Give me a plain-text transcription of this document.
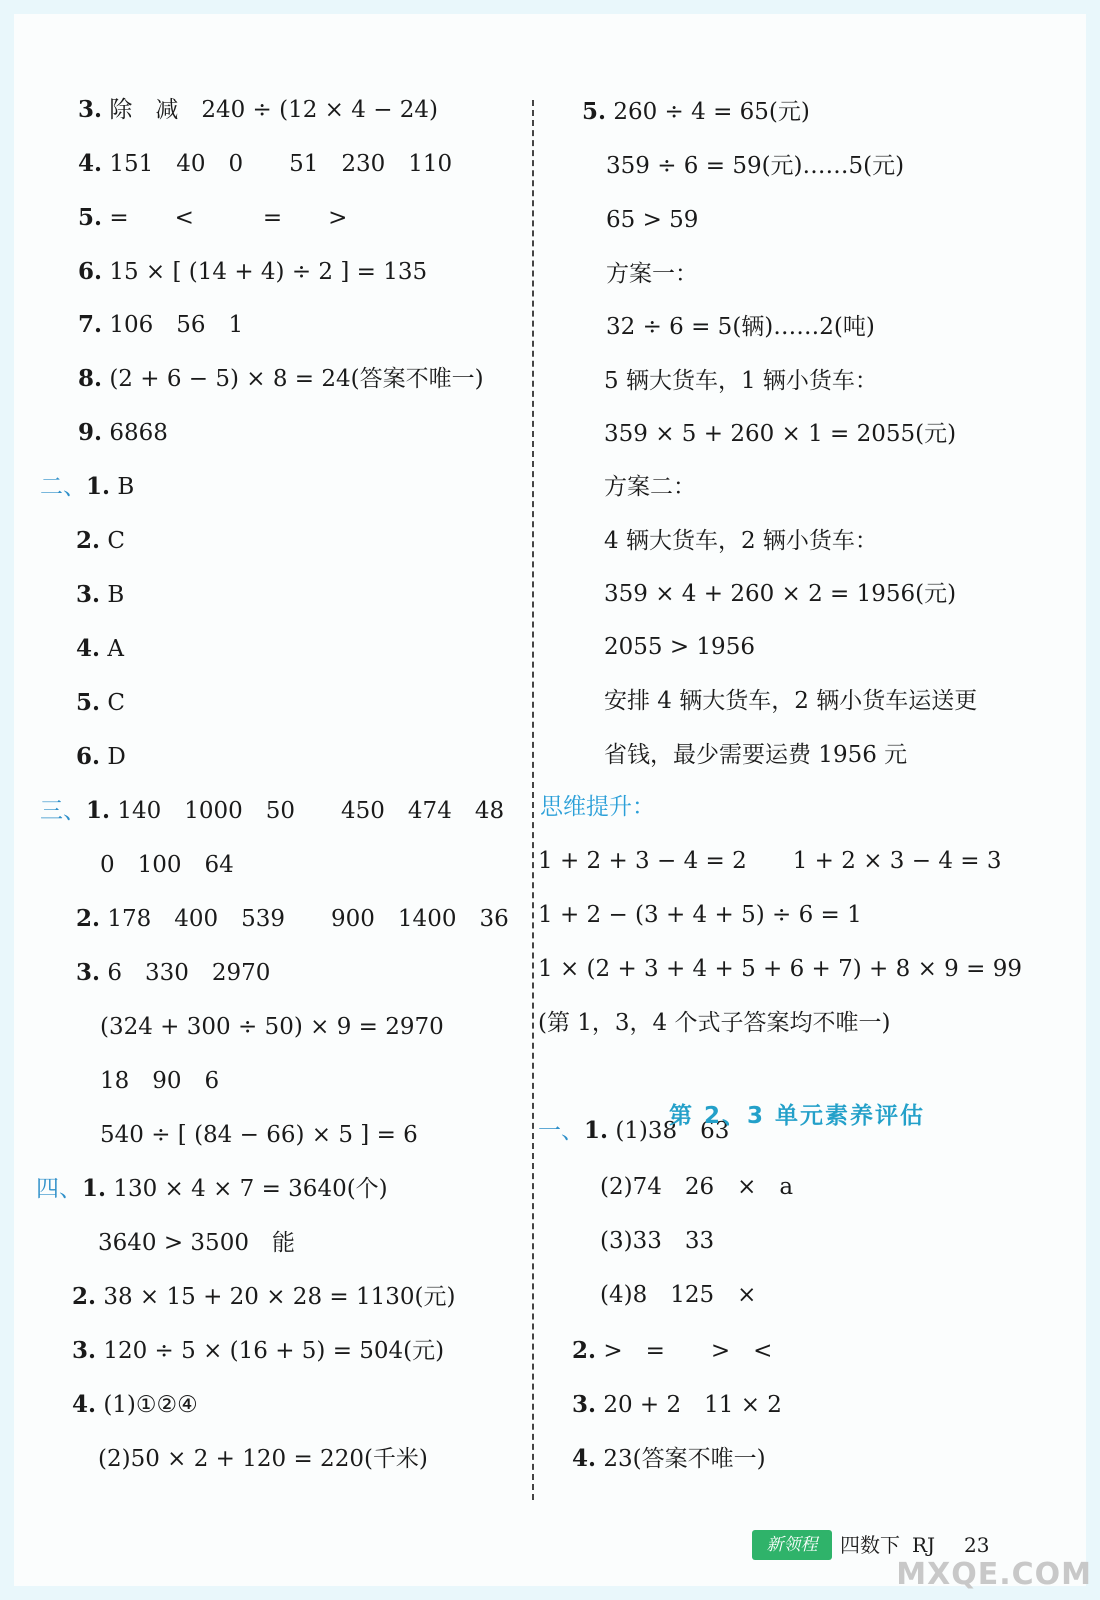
3. 除　减　240 ÷ (12 × 4 − 24)
4. 151　40　0　　51　230　110
5. =　　<　　　=　　>
6. 15 × [ (14 + 4) ÷ 2 ] = 135
7. 106　56　1
8. (2 + 6 − 5) × 8 = 24(答案不唯一)
9. 6868
二、1. B
2. C
3. B
4. A
5. C
6. D
三、1. 140　1000　50　　450　474　48
0　100　64
2. 178　400　539　　900　1400　36
3. 6　330　2970
(324 + 300 ÷ 50) × 9 = 2970
18　90　6
540 ÷ [ (84 − 66) × 5 ] = 6
四、1. 130 × 4 × 7 = 3640(个)
3640 > 3500　能
2. 38 × 15 + 20 × 28 = 1130(元)
3. 120 ÷ 5 × (16 + 5) = 504(元)
4. (1)①②④
(2)50 × 2 + 120 = 220(千米)
5. 260 ÷ 4 = 65(元)
359 ÷ 6 = 59(元)……5(元)
65 > 59
方案一：
32 ÷ 6 = 5(辆)……2(吨)
5 辆大货车，1 辆小货车：
359 × 5 + 260 × 1 = 2055(元)
方案二：
4 辆大货车，2 辆小货车：
359 × 4 + 260 × 2 = 1956(元)
2055 > 1956
安排 4 辆大货车，2 辆小货车运送更
省钱，最少需要运费 1956 元
思维提升：
1 + 2 + 3 − 4 = 2　　1 + 2 × 3 − 4 = 3
1 + 2 − (3 + 4 + 5) ÷ 6 = 1
1 × (2 + 3 + 4 + 5 + 6 + 7) + 8 × 9 = 99
(第 1，3，4 个式子答案均不唯一)
一、1. (1)38　63
(2)74　26　×　a
(3)33　33
(4)8　125　×
2. >　=　　>　<
3. 20 + 2　11 × 2
4. 23(答案不唯一)
第 2、3 单元素养评估
新领程	四数下 RJ 23
MXQE.COM
